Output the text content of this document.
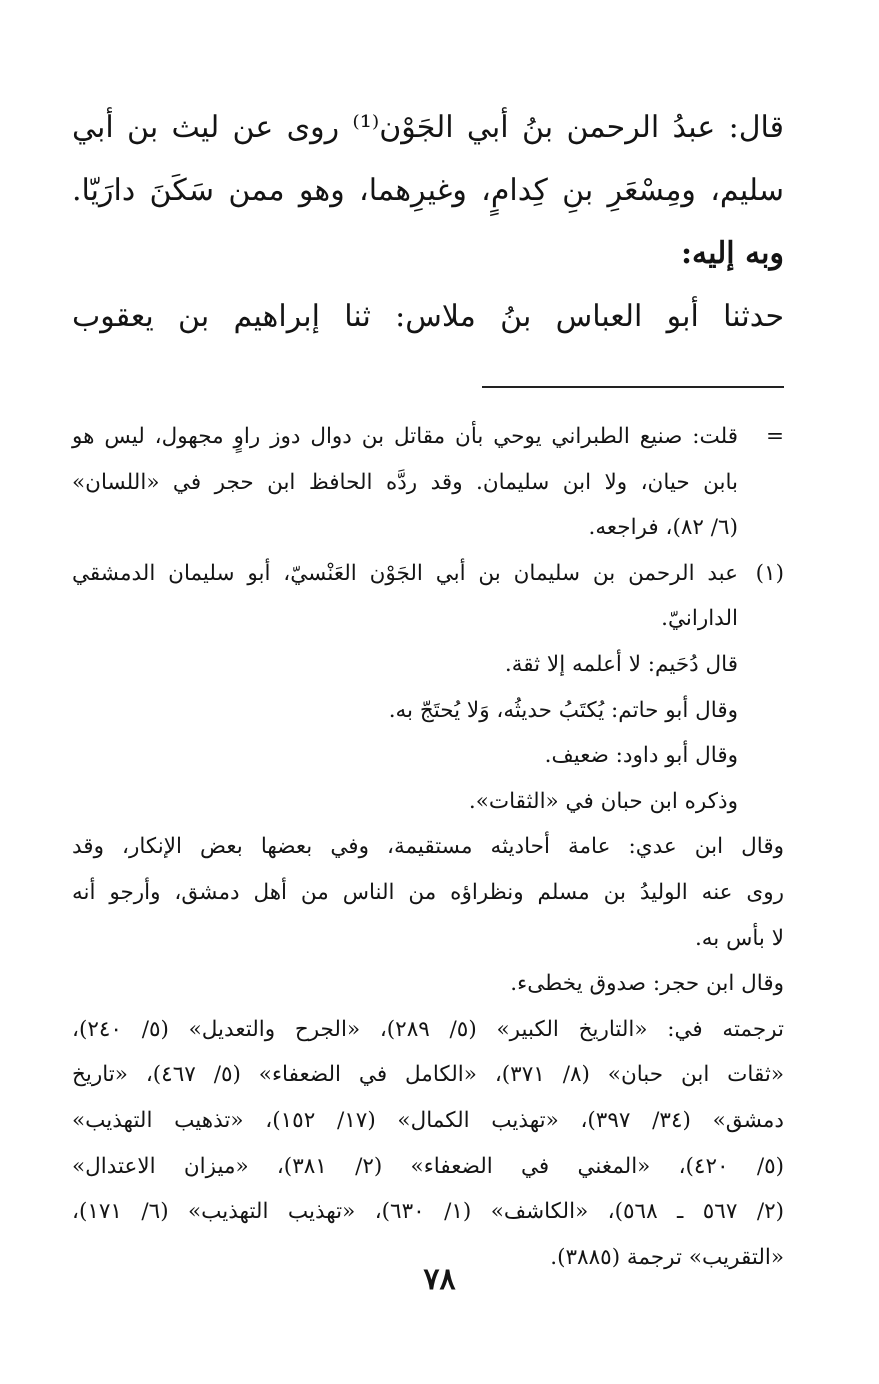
قال: عبدُ الرحمن بنُ أبي الجَوْن⁽¹⁾ روى عن ليث بن أبي

سليم، ومِسْعَرِ بنِ كِدامٍ، وغيرِهما، وهو ممن سَكَنَ دارَيّا.

وبه إليه:

حدثنا أبو العباس بنُ ملاس: ثنا إبراهيم بن يعقوب

=

قلت: صنيع الطبراني يوحي بأن مقاتل بن دوال دوز راوٍ مجهول، ليس هو

بابن حيان، ولا ابن سليمان. وقد ردَّه الحافظ ابن حجر في «اللسان»

(٦/ ٨٢)، فراجعه.

(١)

عبد الرحمن بن سليمان بن أبي الجَوْن العَنْسيّ، أبو سليمان الدمشقي

الدارانيّ.

قال دُحَيم: لا أعلمه إلا ثقة.

وقال أبو حاتم: يُكتَبُ حديثُه، وَلا يُحتَجّ به.

وقال أبو داود: ضعيف.

وذكره ابن حبان في «الثقات».

وقال ابن عدي: عامة أحاديثه مستقيمة، وفي بعضها بعض الإنكار، وقد

روى عنه الوليدُ بن مسلم ونظراؤه من الناس من أهل دمشق، وأرجو أنه

لا بأس به.

وقال ابن حجر: صدوق يخطىء.

ترجمته في: «التاريخ الكبير» (٥/ ٢٨٩)، «الجرح والتعديل» (٥/ ٢٤٠)،

«ثقات ابن حبان» (٨/ ٣٧١)، «الكامل في الضعفاء» (٥/ ٤٦٧)، «تاريخ

دمشق» (٣٤/ ٣٩٧)، «تهذيب الكمال» (١٧/ ١٥٢)، «تذهيب التهذيب»

(٥/ ٤٢٠)، «المغني في الضعفاء» (٢/ ٣٨١)، «ميزان الاعتدال»

(٢/ ٥٦٧ ـ ٥٦٨)، «الكاشف» (١/ ٦٣٠)، «تهذيب التهذيب» (٦/ ١٧١)،

«التقريب» ترجمة (٣٨٨٥).

٧٨
